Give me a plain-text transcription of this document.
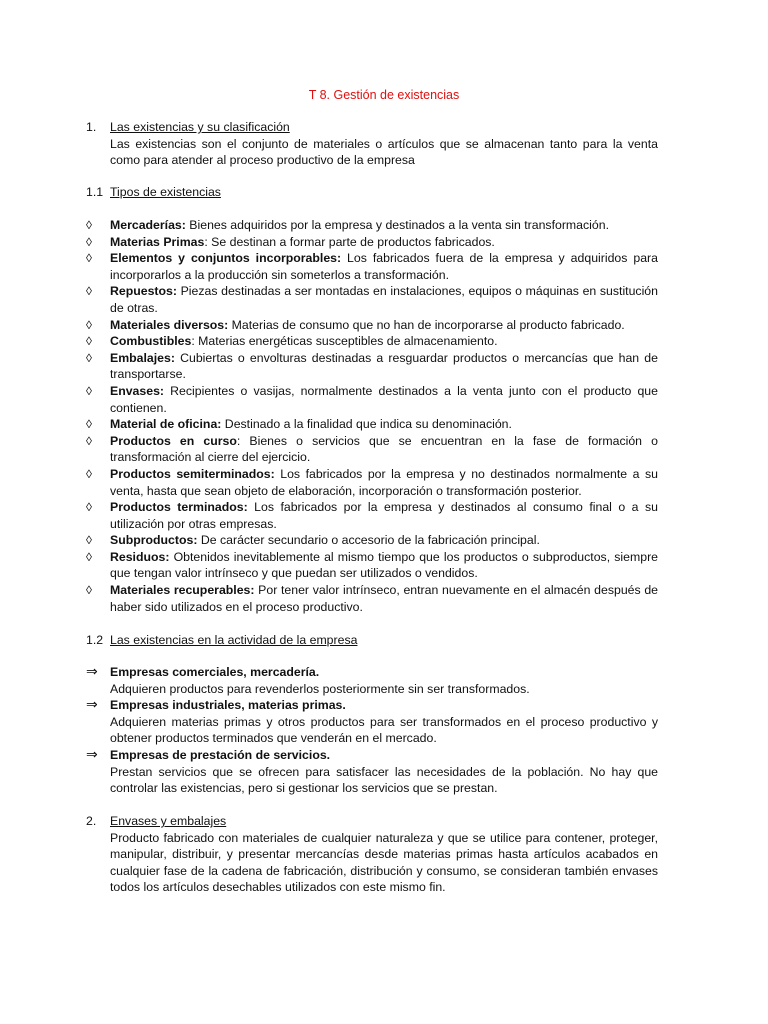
T 8. Gestión de existencias
1.	Las existencias y su clasificación
Las existencias son el conjunto de materiales o artículos que se almacenan tanto para la venta como para atender al proceso productivo de la empresa
1.1 Tipos de existencias
◊ Mercaderías: Bienes adquiridos por la empresa y destinados a la venta sin transformación.
◊ Materias Primas: Se destinan a formar parte de productos fabricados.
◊ Elementos y conjuntos incorporables: Los fabricados fuera de la empresa y adquiridos para incorporarlos a la producción sin someterlos a transformación.
◊ Repuestos: Piezas destinadas a ser montadas en instalaciones, equipos o máquinas en sustitución de otras.
◊ Materiales diversos: Materias de consumo que no han de incorporarse al producto fabricado.
◊ Combustibles: Materias energéticas susceptibles de almacenamiento.
◊ Embalajes: Cubiertas o envolturas destinadas a resguardar productos o mercancías que han de transportarse.
◊ Envases: Recipientes o vasijas, normalmente destinados a la venta junto con el producto que contienen.
◊ Material de oficina: Destinado a la finalidad que indica su denominación.
◊ Productos en curso: Bienes o servicios que se encuentran en la fase de formación o transformación al cierre del ejercicio.
◊ Productos semiterminados: Los fabricados por la empresa y no destinados normalmente a su venta, hasta que sean objeto de elaboración, incorporación o transformación posterior.
◊ Productos terminados: Los fabricados por la empresa y destinados al consumo final o a su utilización por otras empresas.
◊ Subproductos: De carácter secundario o accesorio de la fabricación principal.
◊ Residuos: Obtenidos inevitablemente al mismo tiempo que los productos o subproductos, siempre que tengan valor intrínseco y que puedan ser utilizados o vendidos.
◊ Materiales recuperables: Por tener valor intrínseco, entran nuevamente en el almacén después de haber sido utilizados en el proceso productivo.
1.2 Las existencias en la actividad de la empresa
⇒ Empresas comerciales, mercadería.
Adquieren productos para revenderlos posteriormente sin ser transformados.
⇒ Empresas industriales, materias primas.
Adquieren materias primas y otros productos para ser transformados en el proceso productivo y obtener productos terminados que venderán en el mercado.
⇒ Empresas de prestación de servicios.
Prestan servicios que se ofrecen para satisfacer las necesidades de la población. No hay que controlar las existencias, pero si gestionar los servicios que se prestan.
2.	Envases y embalajes
Producto fabricado con materiales de cualquier naturaleza y que se utilice para contener, proteger, manipular, distribuir, y presentar mercancías desde materias primas hasta artículos acabados en cualquier fase de la cadena de fabricación, distribución y consumo, se consideran también envases todos los artículos desechables utilizados con este mismo fin.
